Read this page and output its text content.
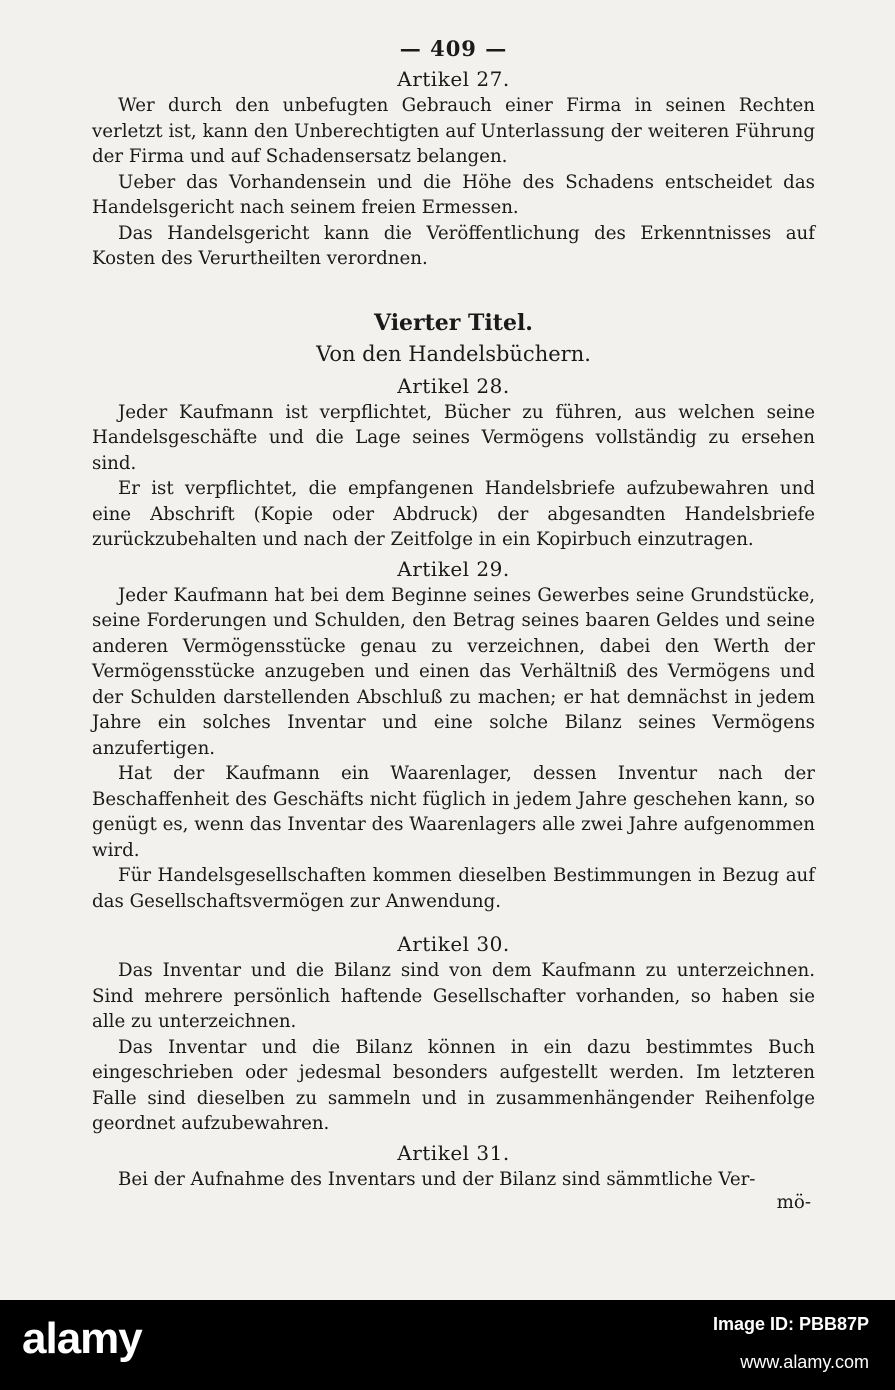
— 409 —
Artikel 27.

Wer durch den unbefugten Gebrauch einer Firma in seinen Rechten verletzt ist, kann den Unberechtigten auf Unterlassung der weiteren Führung der Firma und auf Schadensersatz belangen.

Ueber das Vorhandensein und die Höhe des Schadens entscheidet das Handelsgericht nach seinem freien Ermessen.

Das Handelsgericht kann die Veröffentlichung des Erkenntnisses auf Kosten des Verurtheilten verordnen.

Vierter Titel.
Von den Handelsbüchern.
Artikel 28.

Jeder Kaufmann ist verpflichtet, Bücher zu führen, aus welchen seine Handelsgeschäfte und die Lage seines Vermögens vollständig zu ersehen sind.

Er ist verpflichtet, die empfangenen Handelsbriefe aufzubewahren und eine Abschrift (Kopie oder Abdruck) der abgesandten Handelsbriefe zurückzubehalten und nach der Zeitfolge in ein Kopirbuch einzutragen.

Artikel 29.

Jeder Kaufmann hat bei dem Beginne seines Gewerbes seine Grundstücke, seine Forderungen und Schulden, den Betrag seines baaren Geldes und seine anderen Vermögensstücke genau zu verzeichnen, dabei den Werth der Vermögensstücke anzugeben und einen das Verhältniß des Vermögens und der Schulden darstellenden Abschluß zu machen; er hat demnächst in jedem Jahre ein solches Inventar und eine solche Bilanz seines Vermögens anzufertigen.

Hat der Kaufmann ein Waarenlager, dessen Inventur nach der Beschaffenheit des Geschäfts nicht füglich in jedem Jahre geschehen kann, so genügt es, wenn das Inventar des Waarenlagers alle zwei Jahre aufgenommen wird.

Für Handelsgesellschaften kommen dieselben Bestimmungen in Bezug auf das Gesellschaftsvermögen zur Anwendung.

Artikel 30.

Das Inventar und die Bilanz sind von dem Kaufmann zu unterzeichnen. Sind mehrere persönlich haftende Gesellschafter vorhanden, so haben sie alle zu unterzeichnen.

Das Inventar und die Bilanz können in ein dazu bestimmtes Buch eingeschrieben oder jedesmal besonders aufgestellt werden. Im letzteren Falle sind dieselben zu sammeln und in zusammenhängender Reihenfolge geordnet aufzubewahren.

Artikel 31.

Bei der Aufnahme des Inventars und der Bilanz sind sämmtliche Ver-

mö-
alamy	Image ID: PBB87P
www.alamy.com
